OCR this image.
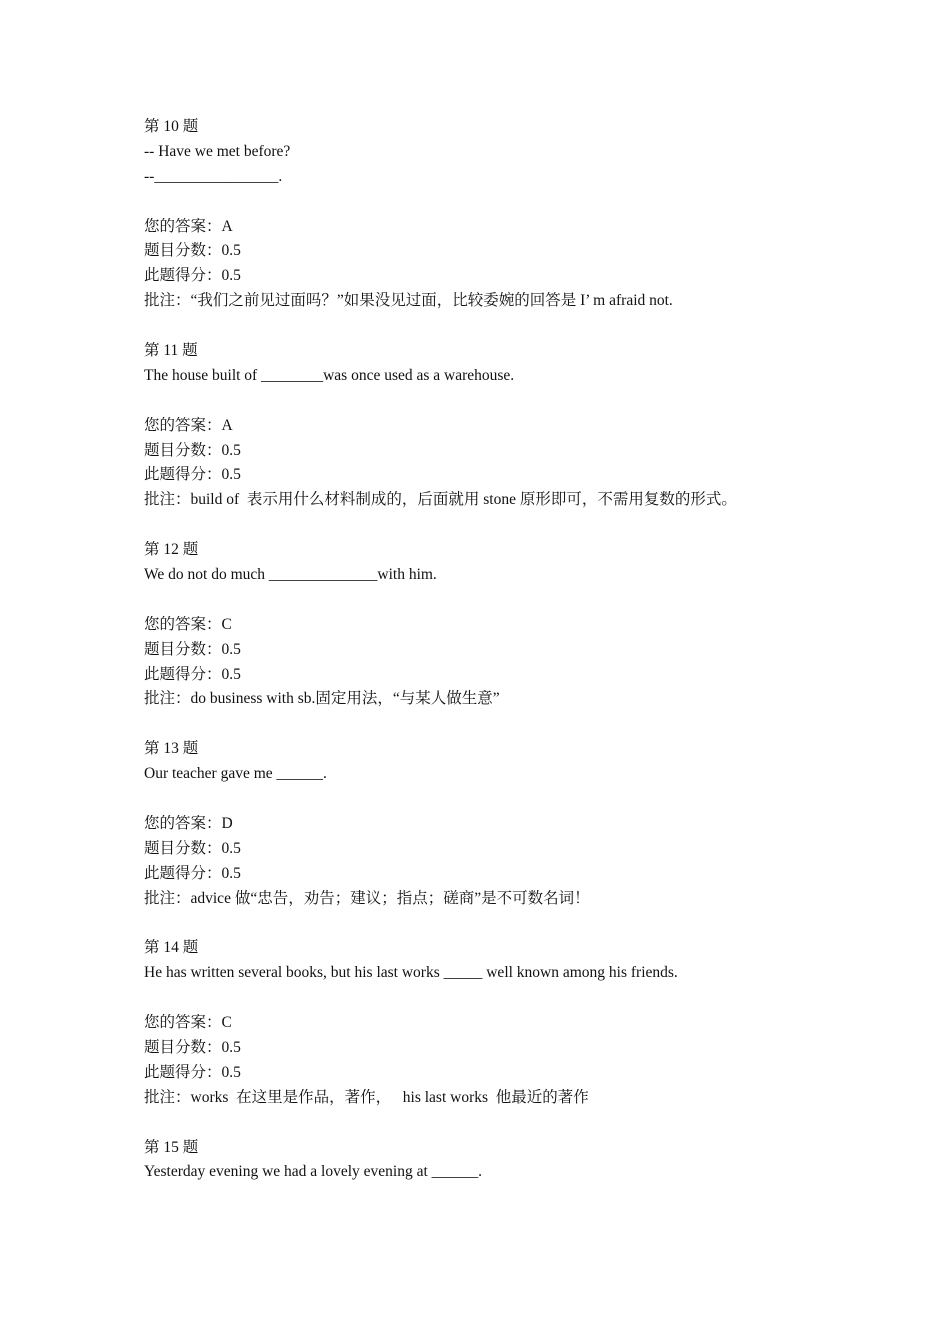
第 10 题

-- Have we met before?

--________________.

您的答案：A

题目分数：0.5

此题得分：0.5

批注：“我们之前见过面吗？”如果没见过面，比较委婉的回答是 I’ m afraid not.

第 11 题

The house built of ________was once used as a warehouse.

您的答案：A

题目分数：0.5

此题得分：0.5

批注：build of  表示用什么材料制成的，后面就用 stone 原形即可，不需用复数的形式。

第 12 题

We do not do much ______________with him.

您的答案：C

题目分数：0.5

此题得分：0.5

批注：do business with sb.固定用法，“与某人做生意”

第 13 题

Our teacher gave me ______.

您的答案：D

题目分数：0.5

此题得分：0.5

批注：advice 做“忠告，劝告；建议；指点；磋商”是不可数名词！

第 14 题

He has written several books, but his last works _____ well known among his friends.

您的答案：C

题目分数：0.5

此题得分：0.5

批注：works  在这里是作品，著作，   his last works  他最近的著作

第 15 题

Yesterday evening we had a lovely evening at ______.
